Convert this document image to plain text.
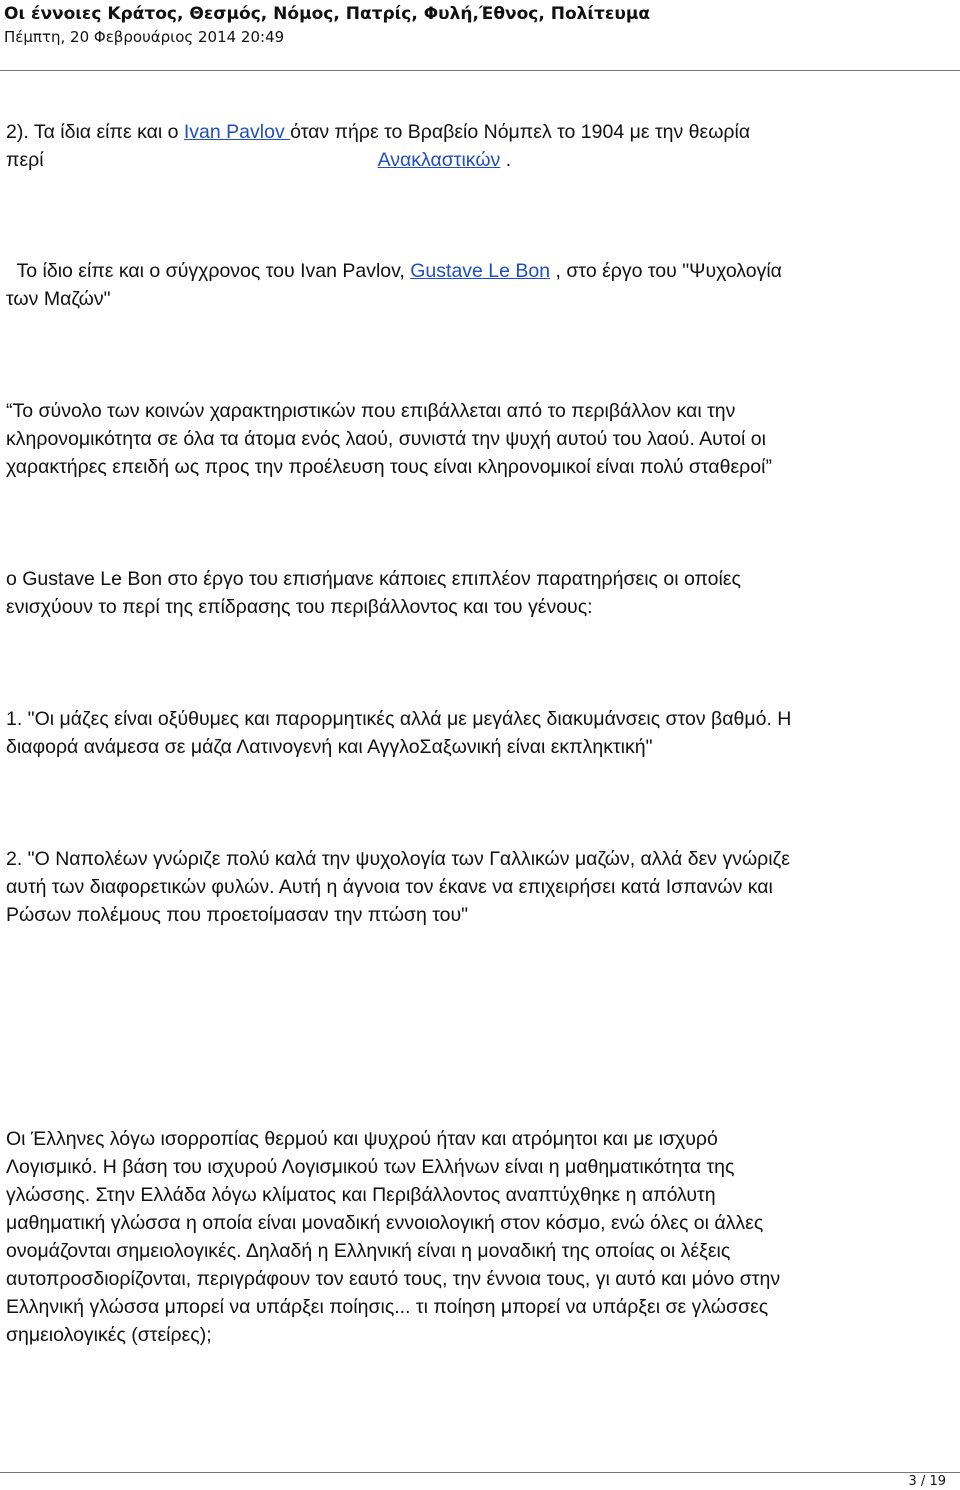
Οι έννοιες Κράτος, Θεσμός, Νόμος, Πατρίς, Φυλή,Έθνος, Πολίτευμα
Πέμπτη, 20 Φεβρουάριος 2014 20:49
2). Τα ίδια είπε και ο Ivan Pavlov όταν πήρε το Βραβείο Νόμπελ το 1904 με την θεωρία
περί	Ανακλαστικών .
Το ίδιο είπε και ο σύγχρονος του Ivan Pavlov, Gustave Le Bon , στο έργο του "Ψυχολογία
των Μαζών"
“Το σύνολο των κοινών χαρακτηριστικών που επιβάλλεται από το περιβάλλον και την
κληρονομικότητα σε όλα τα άτομα ενός λαού, συνιστά την ψυχή αυτού του λαού. Αυτοί οι
χαρακτήρες επειδή ως προς την προέλευση τους είναι κληρονομικοί είναι πολύ σταθεροί”
ο Gustave Le Bon στο έργο του επισήμανε κάποιες επιπλέον παρατηρήσεις οι οποίες
ενισχύουν το περί της επίδρασης του περιβάλλοντος και του γένους:
1. "Οι μάζες είναι οξύθυμες και παρορμητικές αλλά με μεγάλες διακυμάνσεις στον βαθμό. Η
διαφορά ανάμεσα σε μάζα Λατινογενή και ΑγγλοΣαξωνική είναι εκπληκτική"
2. "Ο Ναπολέων γνώριζε πολύ καλά την ψυχολογία των Γαλλικών μαζών, αλλά δεν γνώριζε
αυτή των διαφορετικών φυλών. Αυτή η άγνοια τον έκανε να επιχειρήσει κατά Ισπανών και
Ρώσων πολέμους που προετοίμασαν την πτώση του"
Οι Έλληνες λόγω ισορροπίας θερμού και ψυχρού ήταν και ατρόμητοι και με ισχυρό
Λογισμικό. Η βάση του ισχυρού Λογισμικού των Ελλήνων είναι η μαθηματικότητα της
γλώσσης. Στην Ελλάδα λόγω κλίματος και Περιβάλλοντος αναπτύχθηκε η απόλυτη
μαθηματική γλώσσα η οποία είναι μοναδική εννοιολογική στον κόσμο, ενώ όλες οι άλλες
ονομάζονται σημειολογικές. Δηλαδή η Ελληνική είναι η μοναδική της οποίας οι λέξεις
αυτοπροσδιορίζονται, περιγράφουν τον εαυτό τους, την έννοια τους, γι αυτό και μόνο στην
Ελληνική γλώσσα μπορεί να υπάρξει ποίησις... τι ποίηση μπορεί να υπάρξει σε γλώσσες
σημειολογικές (στείρες);
3 / 19
